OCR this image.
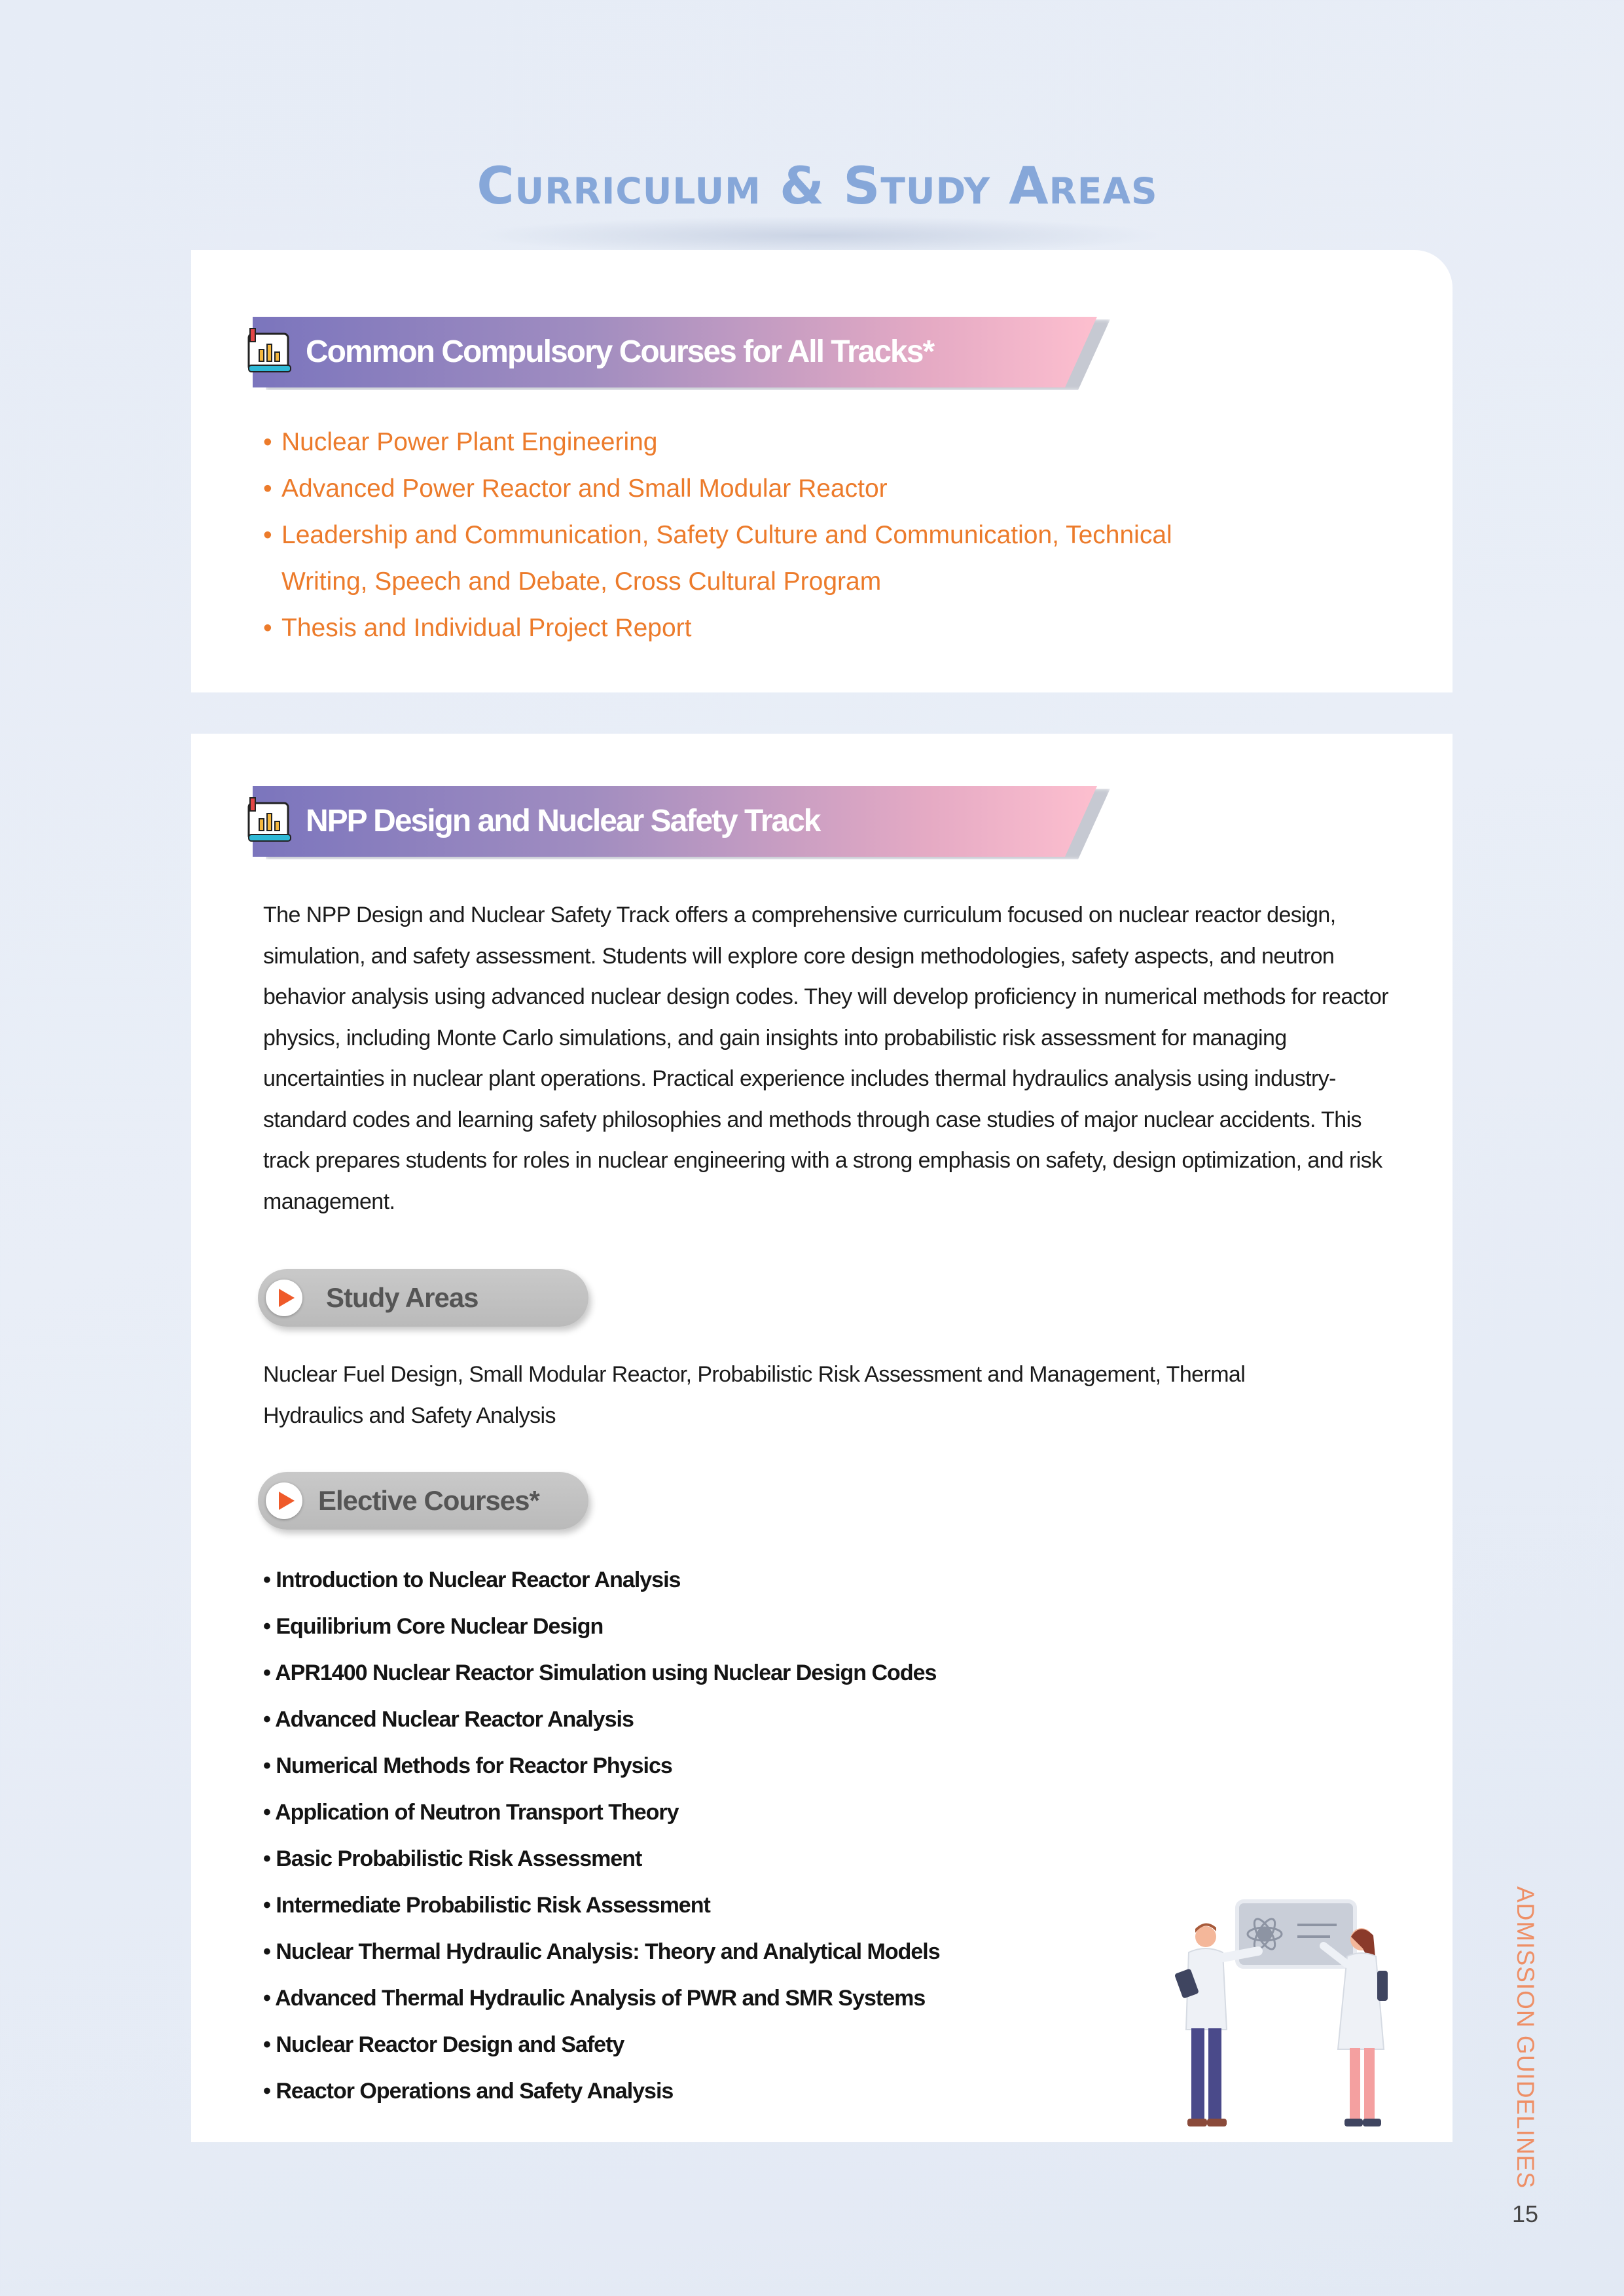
Curriculum & Study Areas
Common Compulsory Courses for All Tracks*
• Nuclear Power Plant Engineering
• Advanced Power Reactor and Small Modular Reactor
• Leadership and Communication, Safety Culture and Communication, Technical Writing, Speech and Debate, Cross Cultural Program
• Thesis and Individual Project Report
NPP Design and Nuclear Safety Track

The NPP Design and Nuclear Safety Track offers a comprehensive curriculum focused on nuclear reactor design, simulation, and safety assessment. Students will explore core design methodologies, safety aspects, and neutron behavior analysis using advanced nuclear design codes. They will develop proficiency in numerical methods for reactor physics, including Monte Carlo simulations, and gain insights into probabilistic risk assessment for managing uncertainties in nuclear plant operations. Practical experience includes thermal hydraulics analysis using industry-standard codes and learning safety philosophies and methods through case studies of major nuclear accidents. This track prepares students for roles in nuclear engineering with a strong emphasis on safety, design optimization, and risk management.

Study Areas

Nuclear Fuel Design, Small Modular Reactor, Probabilistic Risk Assessment and Management, Thermal Hydraulics and Safety Analysis

Elective Courses*
• Introduction to Nuclear Reactor Analysis
• Equilibrium Core Nuclear Design
• APR1400 Nuclear Reactor Simulation using Nuclear Design Codes
• Advanced Nuclear Reactor Analysis
• Numerical Methods for Reactor Physics
• Application of Neutron Transport Theory
• Basic Probabilistic Risk Assessment
• Intermediate Probabilistic Risk Assessment
• Nuclear Thermal Hydraulic Analysis: Theory and Analytical Models
• Advanced Thermal Hydraulic Analysis of PWR and SMR Systems
• Nuclear Reactor Design and Safety
• Reactor Operations and Safety Analysis	ADMISSION GUIDELINES
15
